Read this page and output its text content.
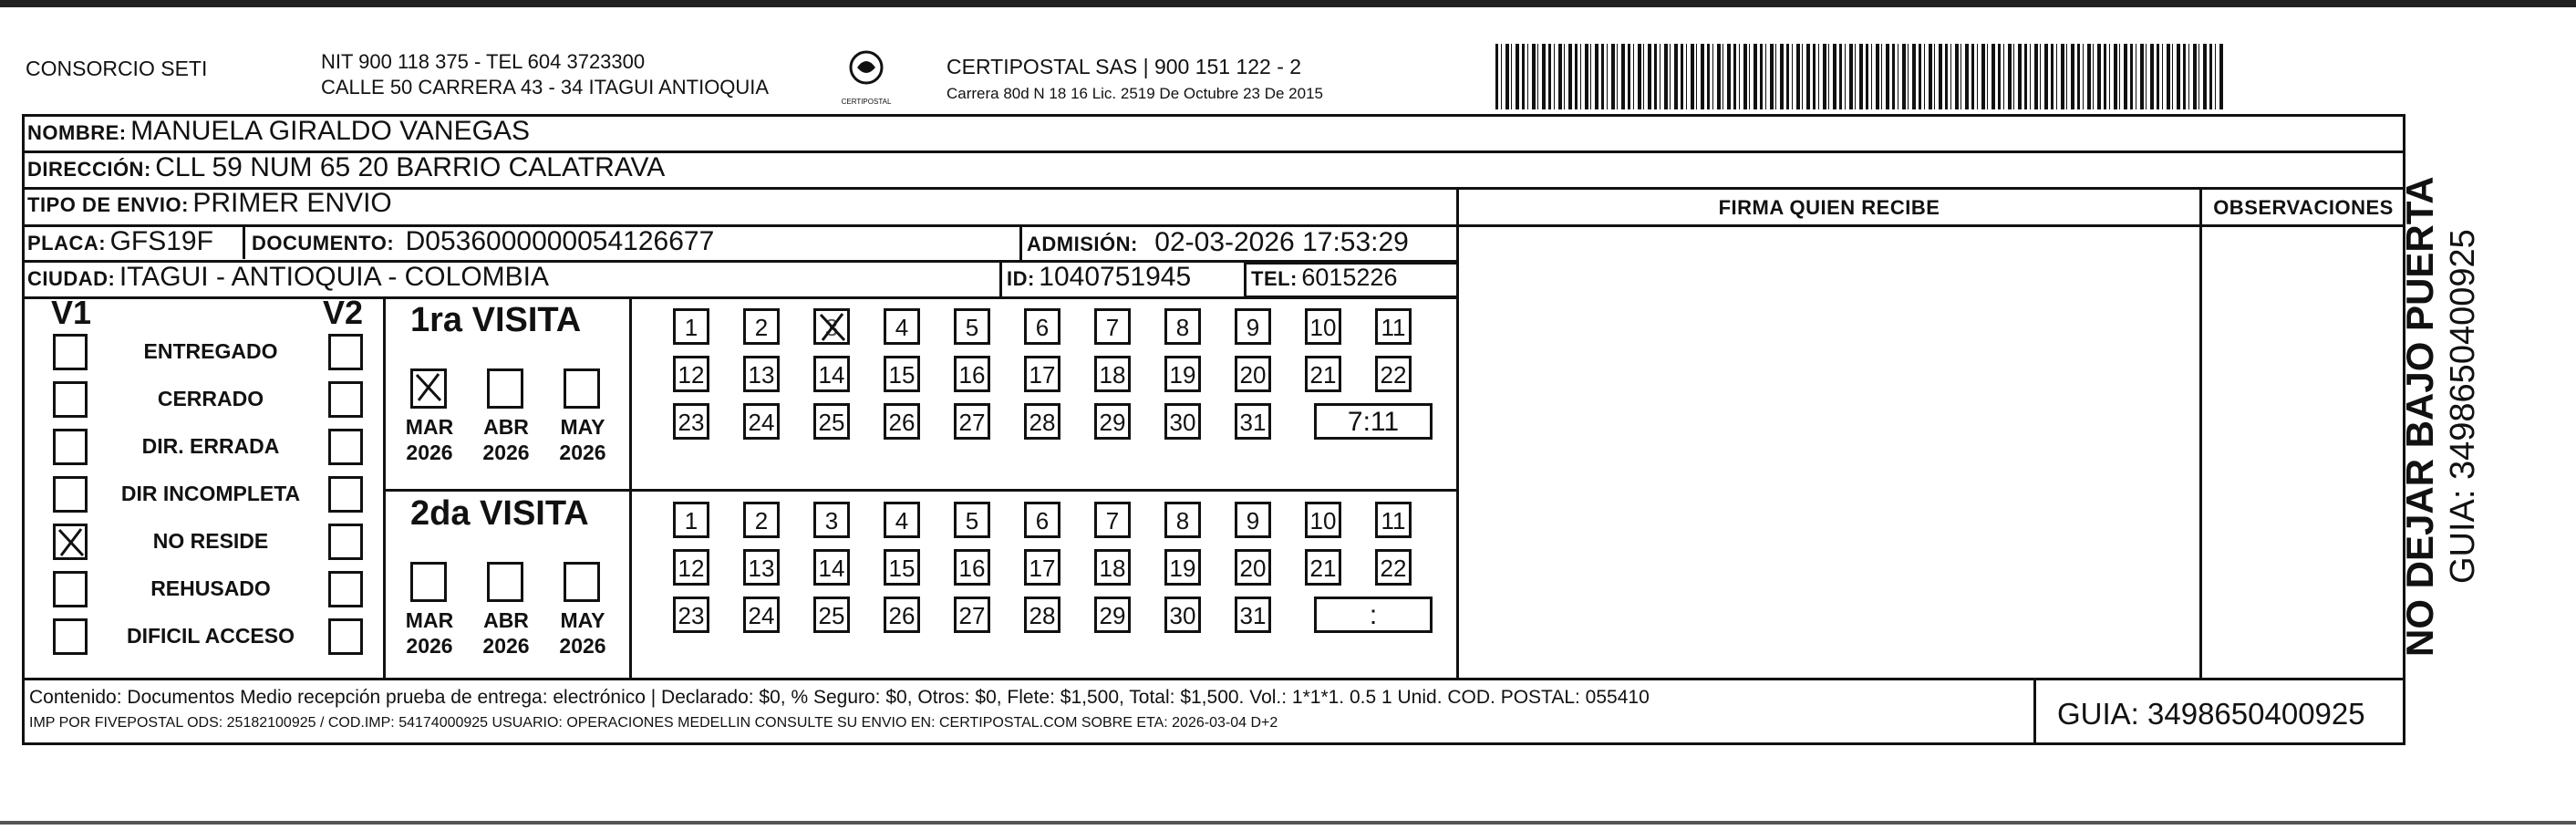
CONSORCIO SETI	NIT 900 118 375 - TEL 604 3723300
CALLE 50 CARRERA 43 - 34 ITAGUI ANTIOQUIA
CERTIPOSTAL
CERTIPOSTAL SAS | 900 151 122 - 2
Carrera 80d N 18 16 Lic. 2519 De Octubre 23 De 2015
NOMBRE: MANUELA GIRALDO VANEGAS
DIRECCIÓN: CLL 59 NUM 65 20 BARRIO CALATRAVA
TIPO DE ENVIO: PRIMER ENVIO	FIRMA QUIEN RECIBE	OBSERVACIONES
PLACA: GFS19F DOCUMENTO: D0536000000054126677	ADMISIÓN: 02-03-2026 17:53:29
CIUDAD: ITAGUI - ANTIOQUIA - COLOMBIA	ID: 1040751945	TEL: 6015226
V1	V2
ENTREGADO
CERRADO
DIR. ERRADA
DIR INCOMPLETA
NO RESIDE
REHUSADO
DIFICIL ACCESO
1ra VISITA
MAR
2026
ABR
2026
MAY
2026
1	2	3	4	5	6	7	8	9	10 11
12 13 14 15 16 17 18 19 20 21 22
23 24 25 26 27 28 29 30 31	7:11
2da VISITA
MAR
2026
ABR
2026
MAY
2026
1	2	3	4	5	6	7	8	9	10 11
12 13 14 15 16 17 18 19 20 21 22
23 24 25 26 27 28 29 30 31	:
Contenido: Documentos Medio recepción prueba de entrega: electrónico | Declarado: $0, % Seguro: $0, Otros: $0, Flete: $1,500, Total: $1,500. Vol.: 1*1*1. 0.5 1 Unid. COD. POSTAL: 055410
IMP POR FIVEPOSTAL ODS: 25182100925 / COD.IMP: 54174000925 USUARIO: OPERACIONES MEDELLIN CONSULTE SU ENVIO EN: CERTIPOSTAL.COM SOBRE ETA: 2026-03-04 D+2	GUIA: 3498650400925
NO DEJAR BAJO PUERTA GUIA: 3498650400925
